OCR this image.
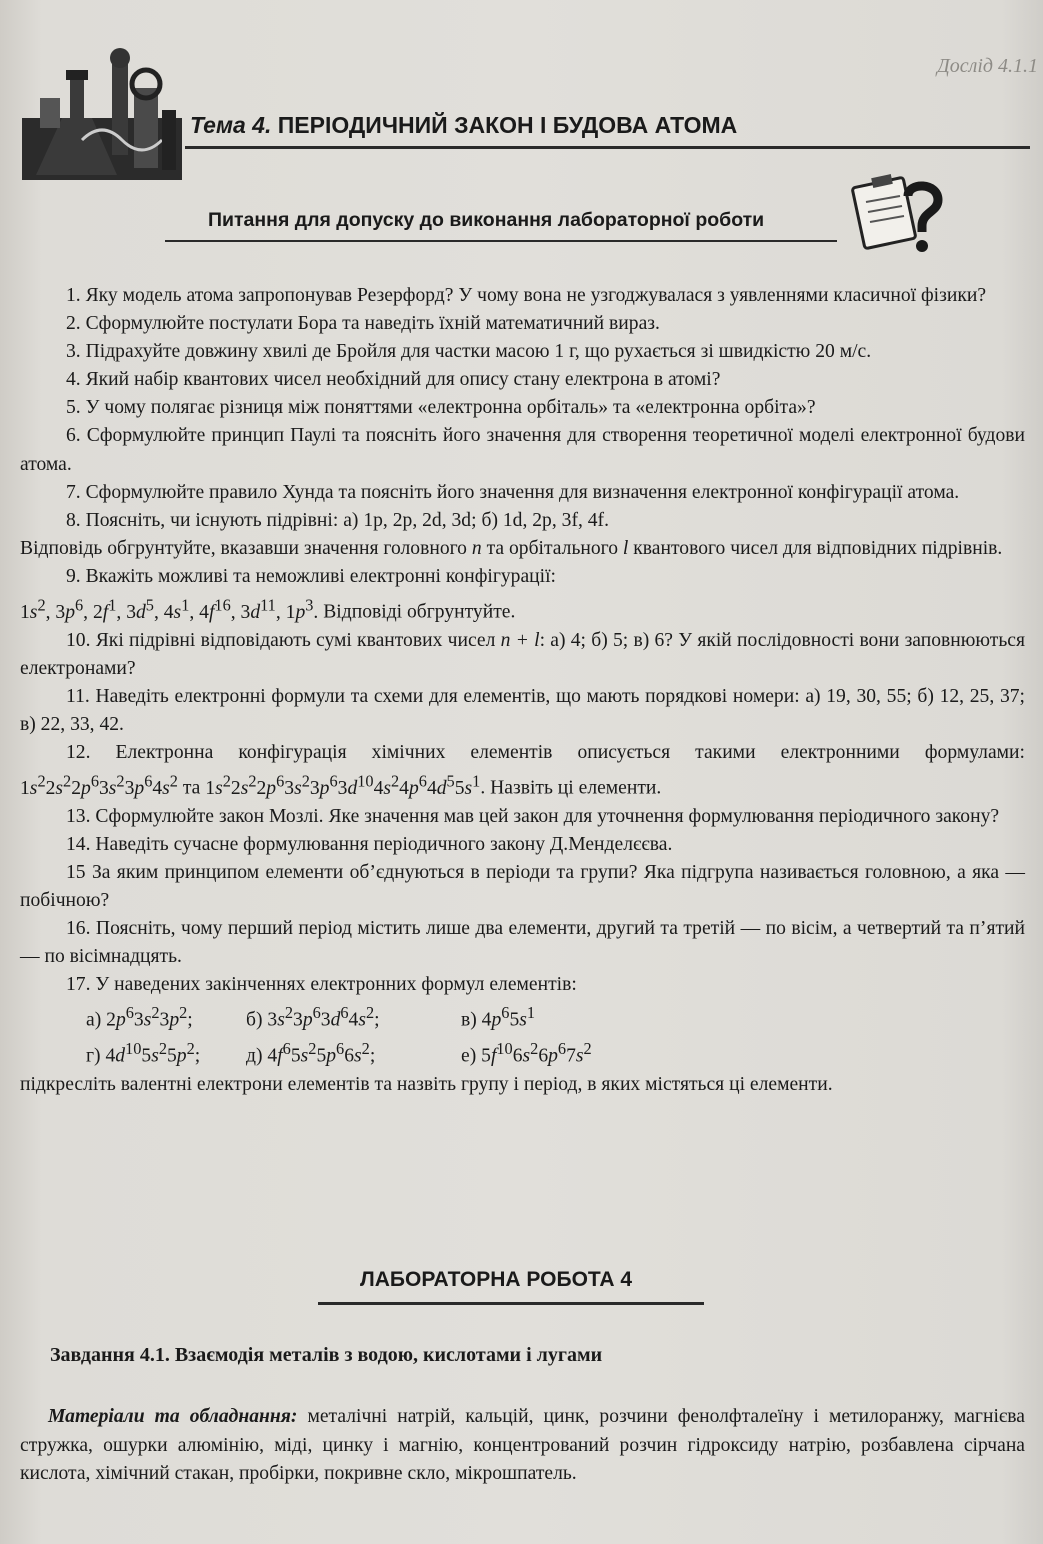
Дослід 4.1.1
Тема 4. ПЕРІОДИЧНИЙ ЗАКОН І БУДОВА АТОМА
Питання для допуску до виконання лабораторної роботи

1. Яку модель атома запропонував Резерфорд? У чому вона не узгоджувалася з уявленнями класичної фізики?

2. Сформулюйте постулати Бора та наведіть їхній математичний вираз.

3. Підрахуйте довжину хвилі де Бройля для частки масою 1 г, що рухається зі швидкістю 20 м/с.

4. Який набір квантових чисел необхідний для опису стану електрона в атомі?

5. У чому полягає різниця між поняттями «електронна орбіталь» та «електронна орбіта»?

6. Сформулюйте принцип Паулі та поясніть його значення для створення теоретичної моделі електронної будови атома.

7. Сформулюйте правило Хунда та поясніть його значення для визначення електронної конфігурації атома.

8. Поясніть, чи існують підрівні: а) 1p, 2p, 2d, 3d; б) 1d, 2p, 3f, 4f.

Відповідь обгрунтуйте, вказавши значення головного n та орбітального l квантового чисел для відповідних підрівнів.

9. Вкажіть можливі та неможливі електронні конфігурації:

$1s^2$, $3p^6$, $2f^1$, $3d^5$, $4s^1$, $4f^{16}$, $3d^{11}$, $1p^3$. Відповіді обгрунтуйте.

10. Які підрівні відповідають сумі квантових чисел n + l: а) 4; б) 5; в) 6? У якій послідовності вони заповнюються електронами?

11. Наведіть електронні формули та схеми для елементів, що мають порядкові номери: а) 19, 30, 55; б) 12, 25, 37; в) 22, 33, 42.

12. Електронна конфігурація хімічних елементів описується такими електронними формулами: $1s^22s^22p^63s^23p^64s^2$ та $1s^22s^22p^63s^23p^63d^{10}4s^24p^64d^55s^1$. Назвіть ці елементи.

13. Сформулюйте закон Мозлі. Яке значення мав цей закон для уточнення формулювання періодичного закону?

14. Наведіть сучасне формулювання періодичного закону Д.Менделєєва.

15 За яким принципом елементи об’єднуються в періоди та групи? Яка підгрупа називається головною, а яка — побічною?

16. Поясніть, чому перший період містить лише два елементи, другий та третій — по вісім, а четвертий та п’ятий — по вісімнадцять.

17. У наведених закінченнях електронних формул елементів:

а) $2p^63s^23p^2$;	б) $3s^23p^63d^64s^2$;	в) $4p^65s^1$
г) $4d^{10}5s^25p^2$;	д) $4f^65s^25p^66s^2$;	е) $5f^{10}6s^26p^67s^2$

підкресліть валентні електрони елементів та назвіть групу і період, в яких містяться ці елементи.

ЛАБОРАТОРНА РОБОТА 4
Завдання 4.1. Взаємодія металів з водою, кислотами і лугами
Матеріали та обладнання: металічні натрій, кальцій, цинк, розчини фенолфталеїну і метилоранжу, магнієва стружка, ошурки алюмінію, міді, цинку і магнію, концентрований розчин гідроксиду натрію, розбавлена сірчана кислота, хімічний стакан, пробірки, покривне скло, мікрошпатель.
